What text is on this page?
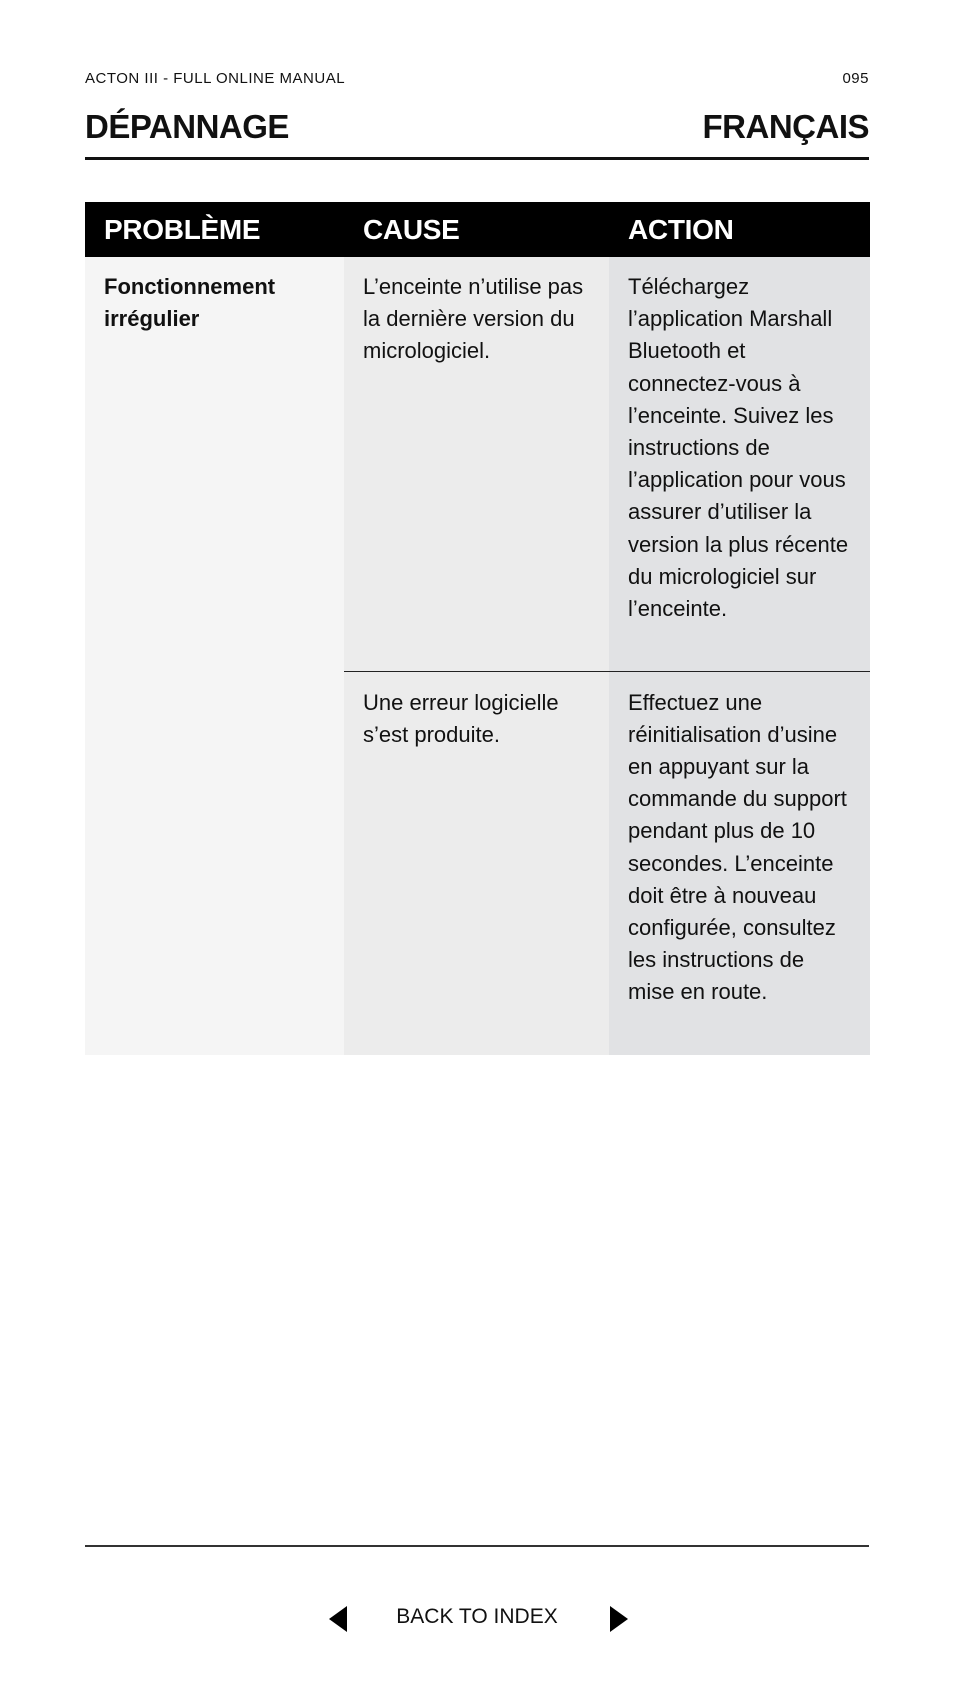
ACTON III - FULL ONLINE MANUAL	095
DÉPANNAGE	FRANÇAIS
PROBLÈME	CAUSE	ACTION
Fonctionnement irrégulier	L’enceinte n’utilise pas la dernière version du micrologiciel.	Téléchargez l’application Marshall Bluetooth et connectez-vous à l’enceinte. Suivez les instructions de l’application pour vous assurer d’utiliser la version la plus récente du micrologiciel sur l’enceinte.
	Une erreur logicielle s’est produite.	Effectuez une réinitialisation d’usine en appuyant sur la commande du support pendant plus de 10 secondes. L’enceinte doit être à nouveau configurée, consultez les instructions de mise en route.
BACK TO INDEX
